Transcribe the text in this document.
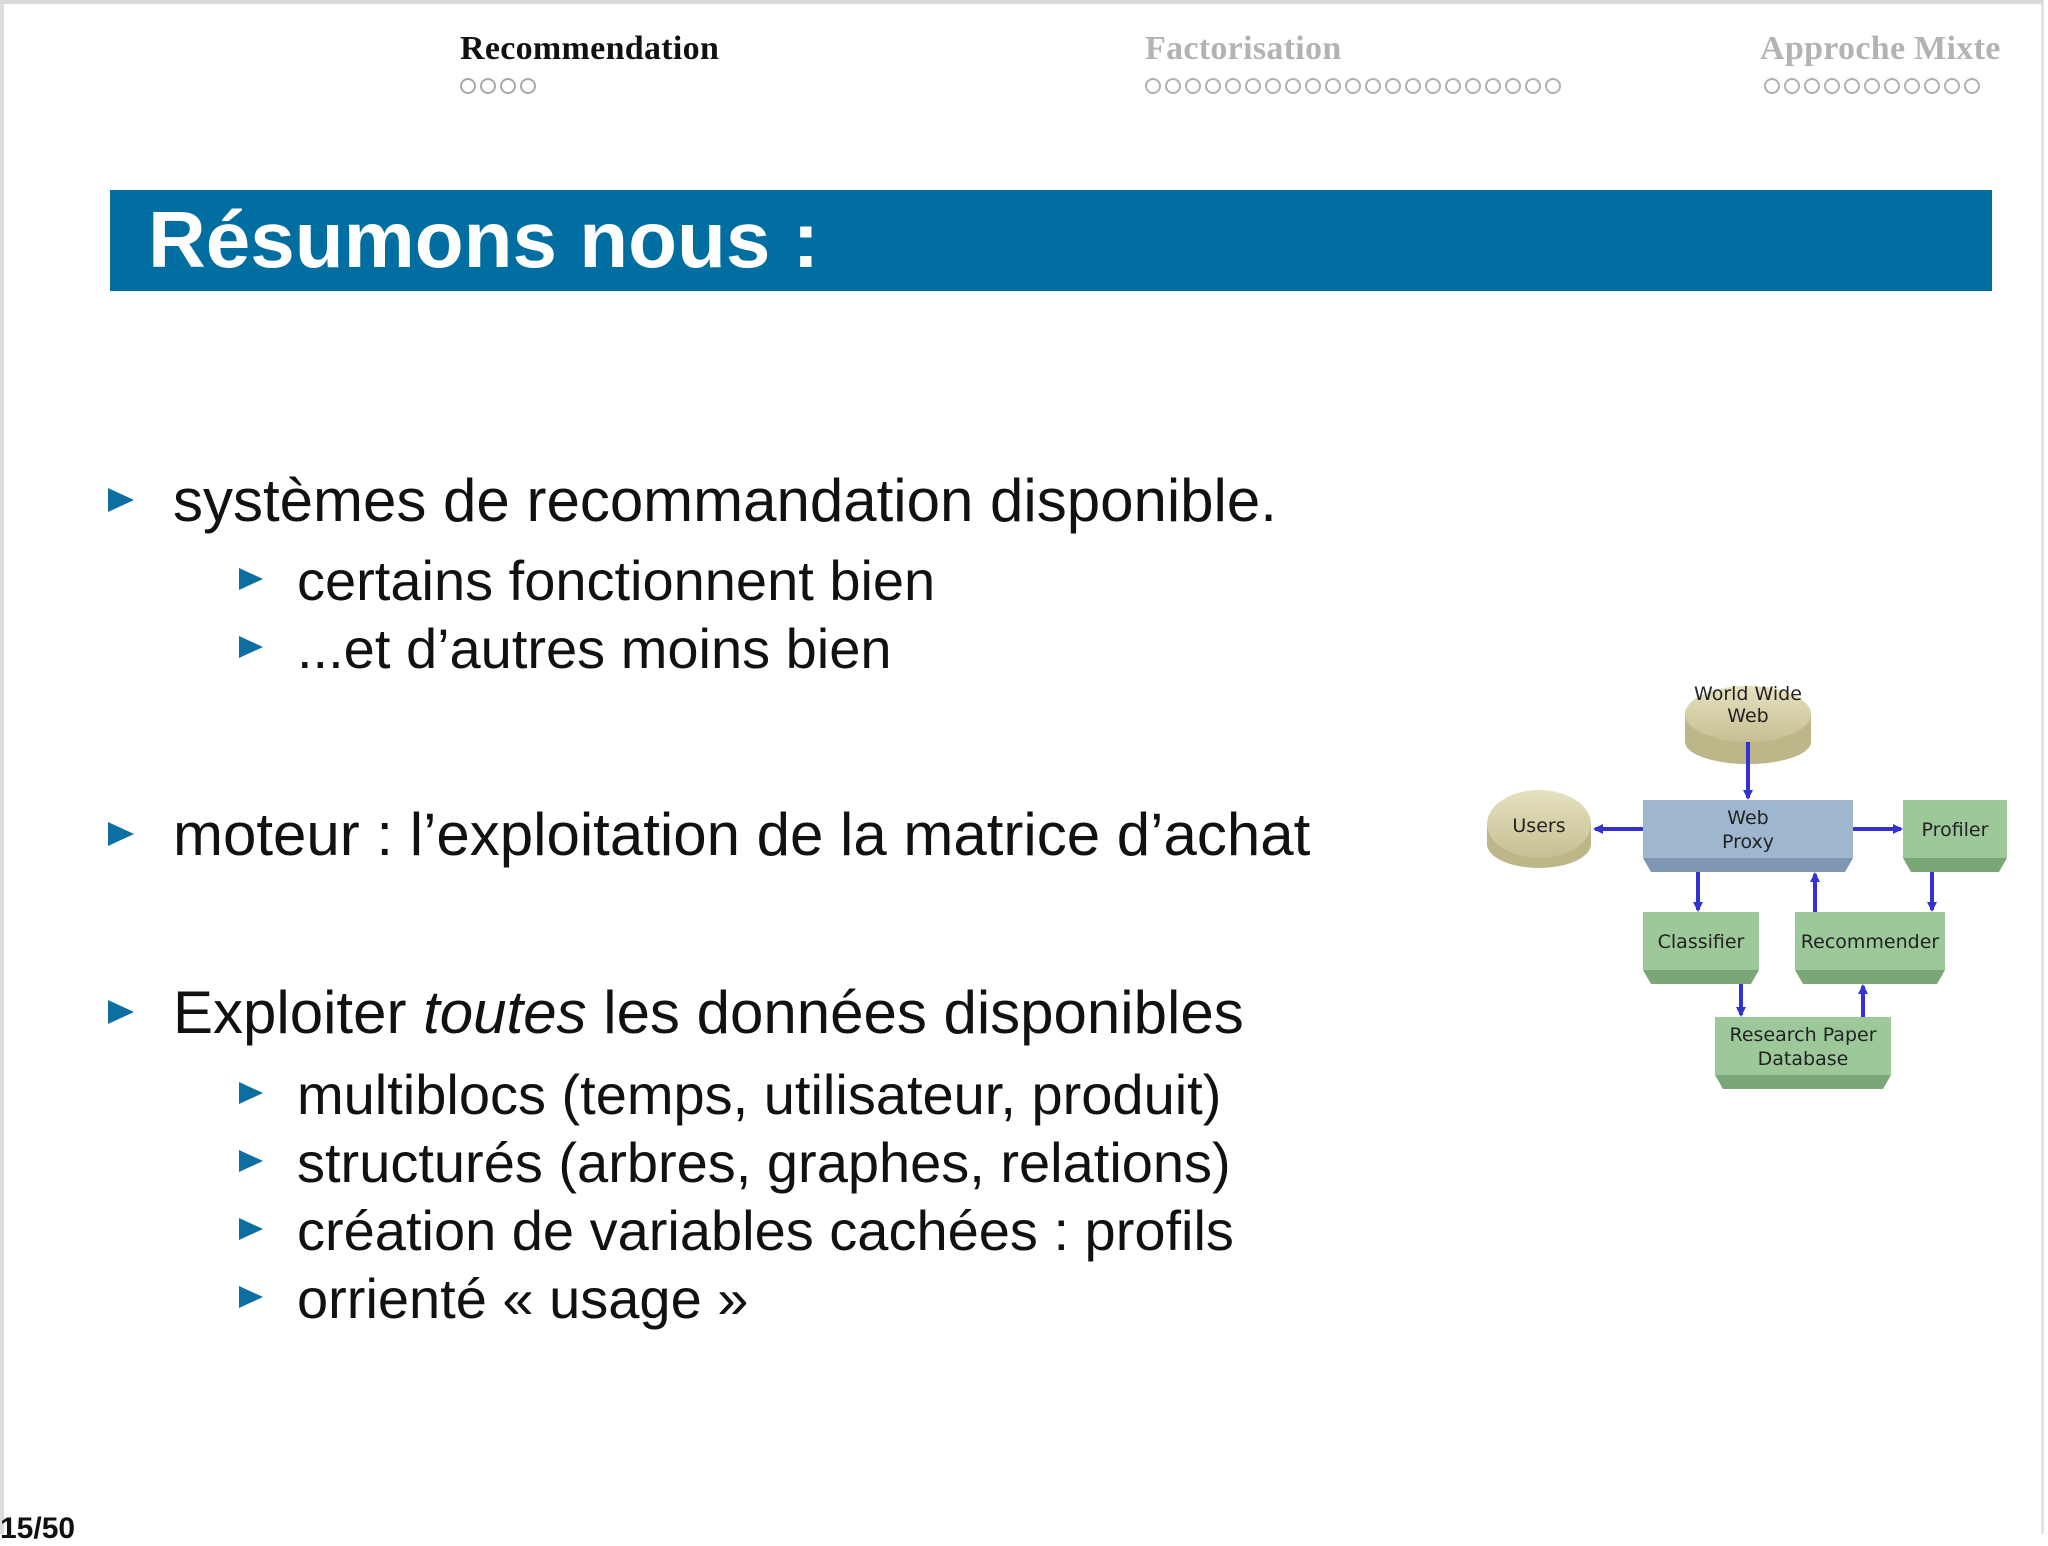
Recommendation	Factorisation	Approche Mixte
Résumons nous :
systèmes de recommandation disponible.
certains fonctionnent bien
...et d’autres moins bien
moteur : l’exploitation de la matrice d’achat
Exploiter toutes les données disponibles
multiblocs (temps, utilisateur, produit)
structurés (arbres, graphes, relations)
création de variables cachées : profils
orrienté « usage »
World Wide
Web
Users	Web
Proxy
Profiler
Classifier	Recommender
Research Paper
Database
15/50
